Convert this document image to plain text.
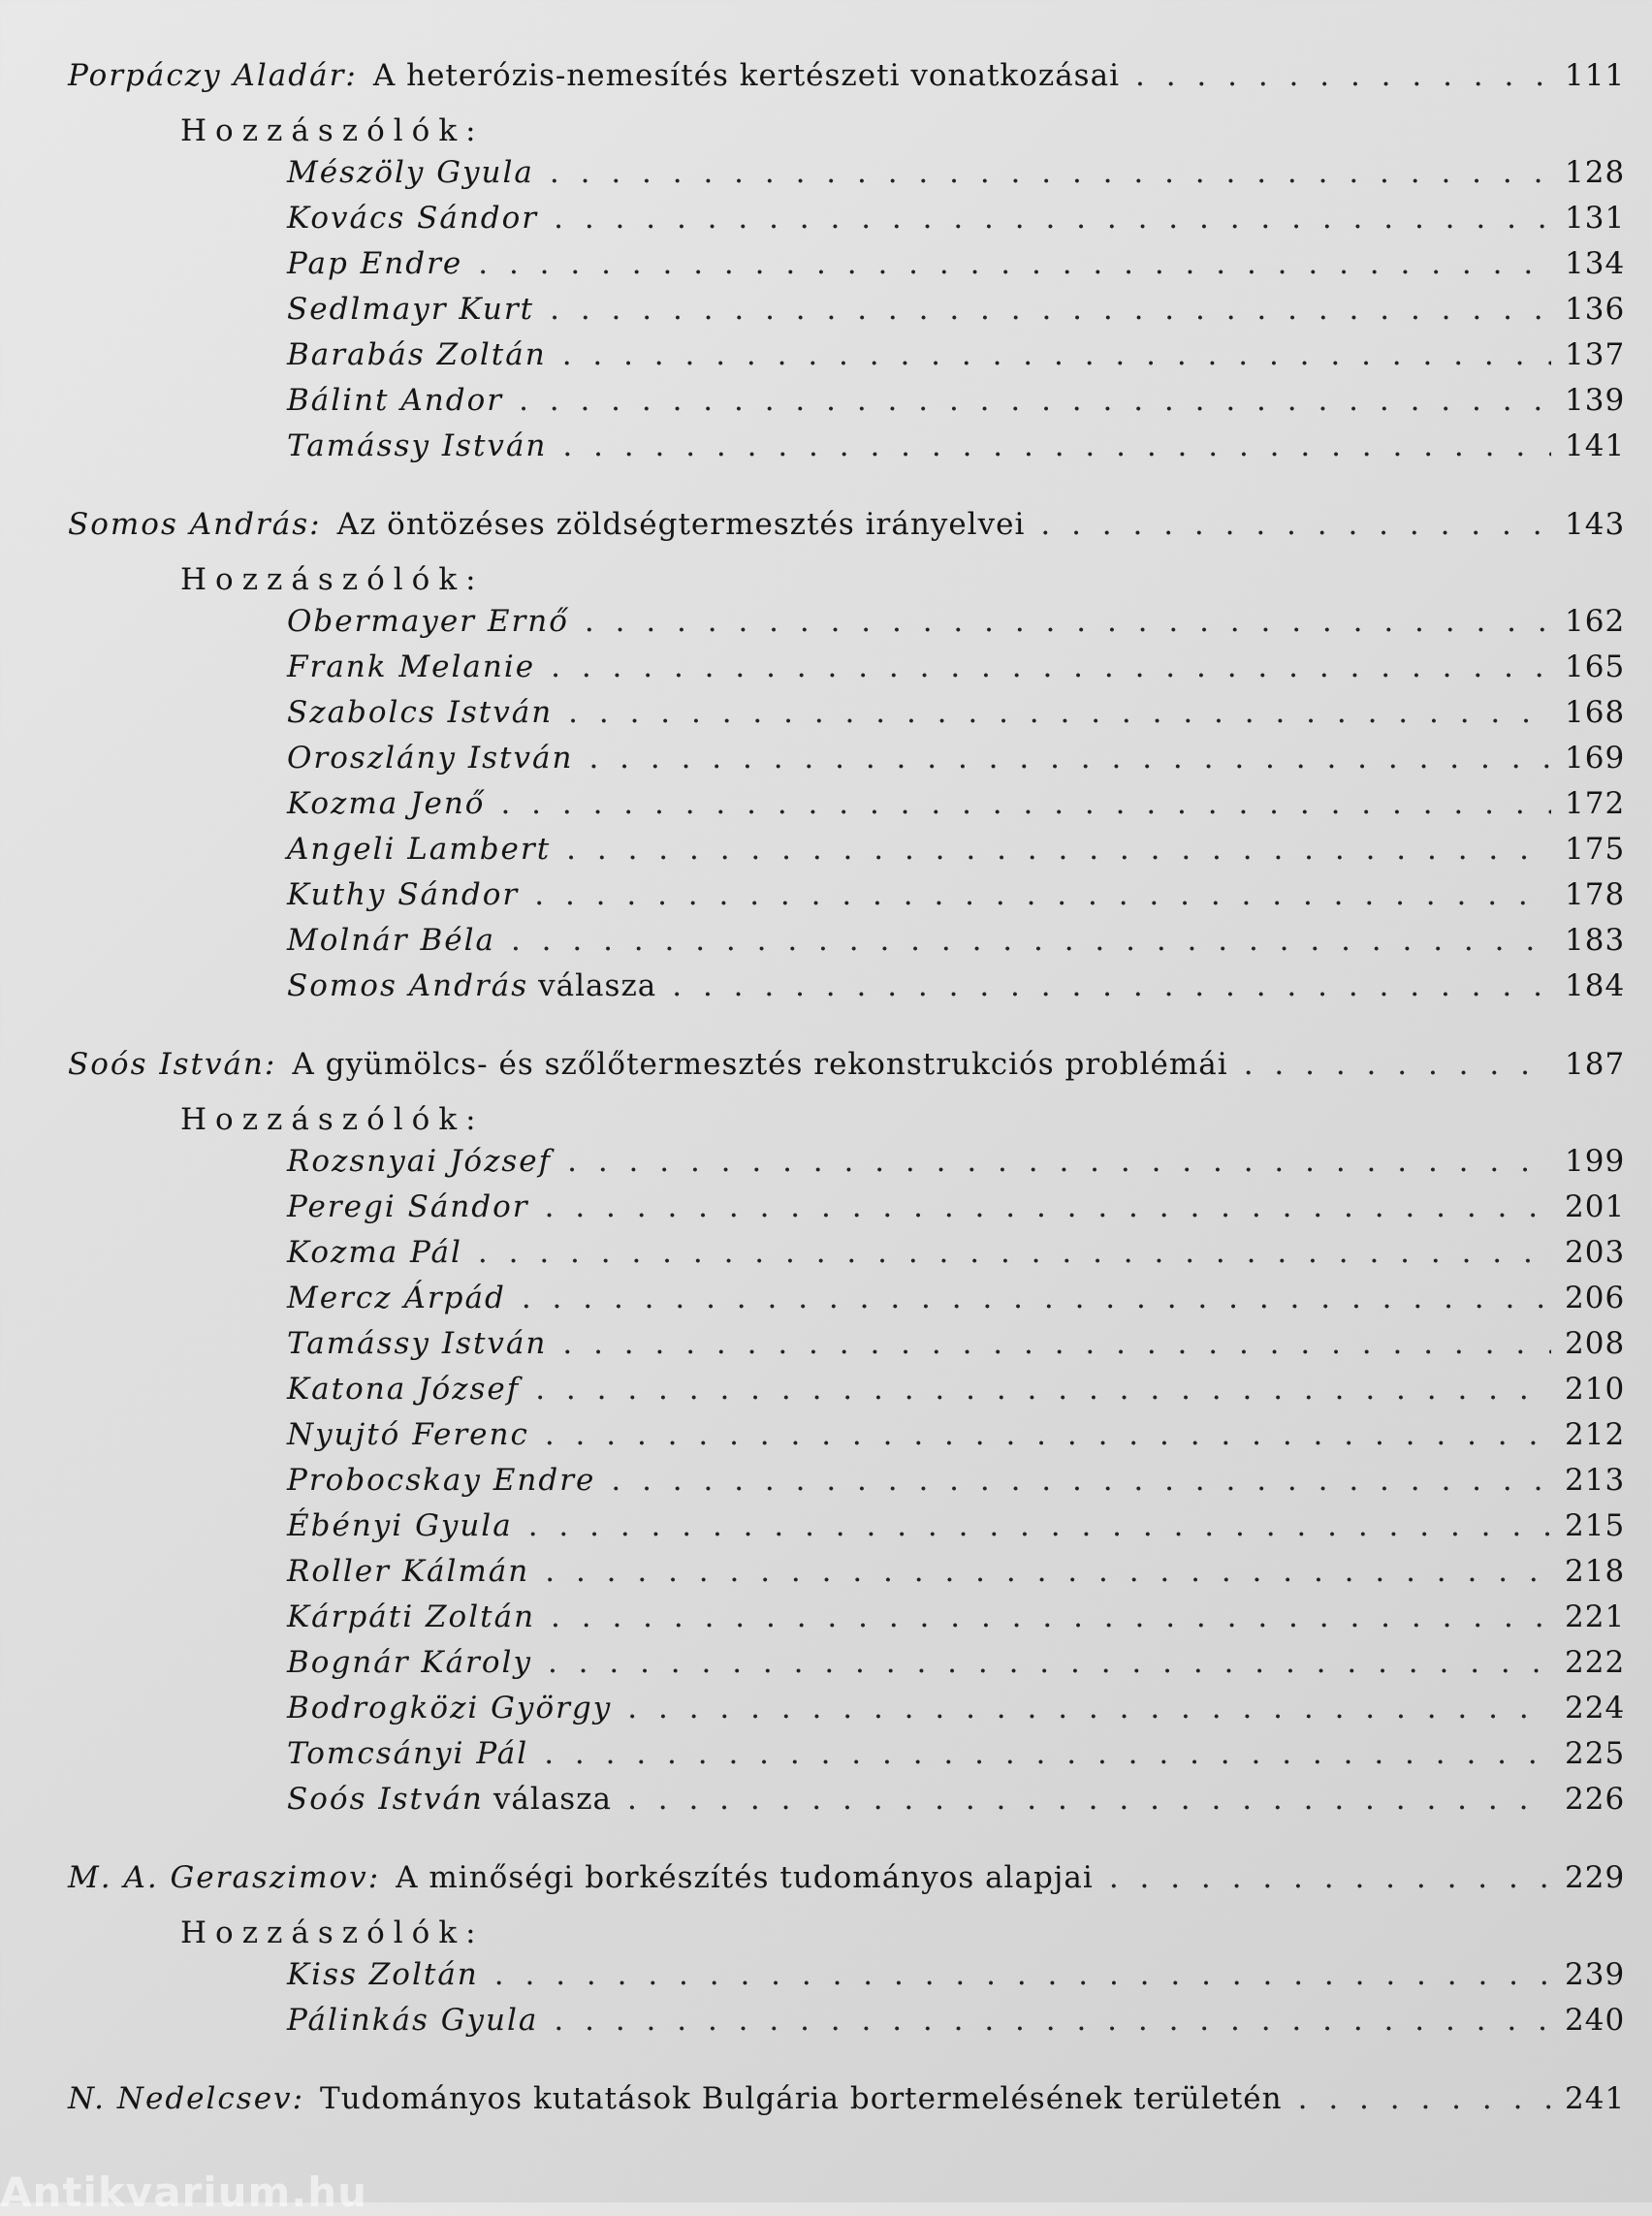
Porpáczy Aladár : A heterózis-nemesítés kertészeti vonatkozásai . . .	111
Hozzászólók:
Mészöly Gyula . . .	128
Kovács Sándor . . .	131
Pap Endre . . .	134
Sedlmayr Kurt . . .	136
Barabás Zoltán . . .	137
Bálint Andor . . .	139
Tamássy István . . .	141
Somos András : Az öntözéses zöldségtermesztés irányelvei . . .	143
Hozzászólók:
Obermayer Ernő . . .	162
Frank Melanie . . .	165
Szabolcs István . . .	168
Oroszlány István . . .	169
Kozma Jenő . . .	172
Angeli Lambert . . .	175
Kuthy Sándor . . .	178
Molnár Béla . . .	183
Somos András válasza . . .	184
Soós István : A gyümölcs- és szőlőtermesztés rekonstrukciós problémái . . .	187
Hozzászólók:
Rozsnyai József . . .	199
Peregi Sándor . . .	201
Kozma Pál . . .	203
Mercz Árpád . . .	206
Tamássy István . . .	208
Katona József . . .	210
Nyujtó Ferenc . . .	212
Probocskay Endre . . .	213
Ébényi Gyula . . .	215
Roller Kálmán . . .	218
Kárpáti Zoltán . . .	221
Bognár Károly . . .	222
Bodrogközi György . . .	224
Tomcsányi Pál . . .	225
Soós István válasza . . .	226
M. A. Geraszimov : A minőségi borkészítés tudományos alapjai . . .	229
Hozzászólók:
Kiss Zoltán . . .	239
Pálinkás Gyula . . .	240
N. Nedelcsev : Tudományos kutatások Bulgária bortermelésének területén . . .	241
Antikvarium.hu
